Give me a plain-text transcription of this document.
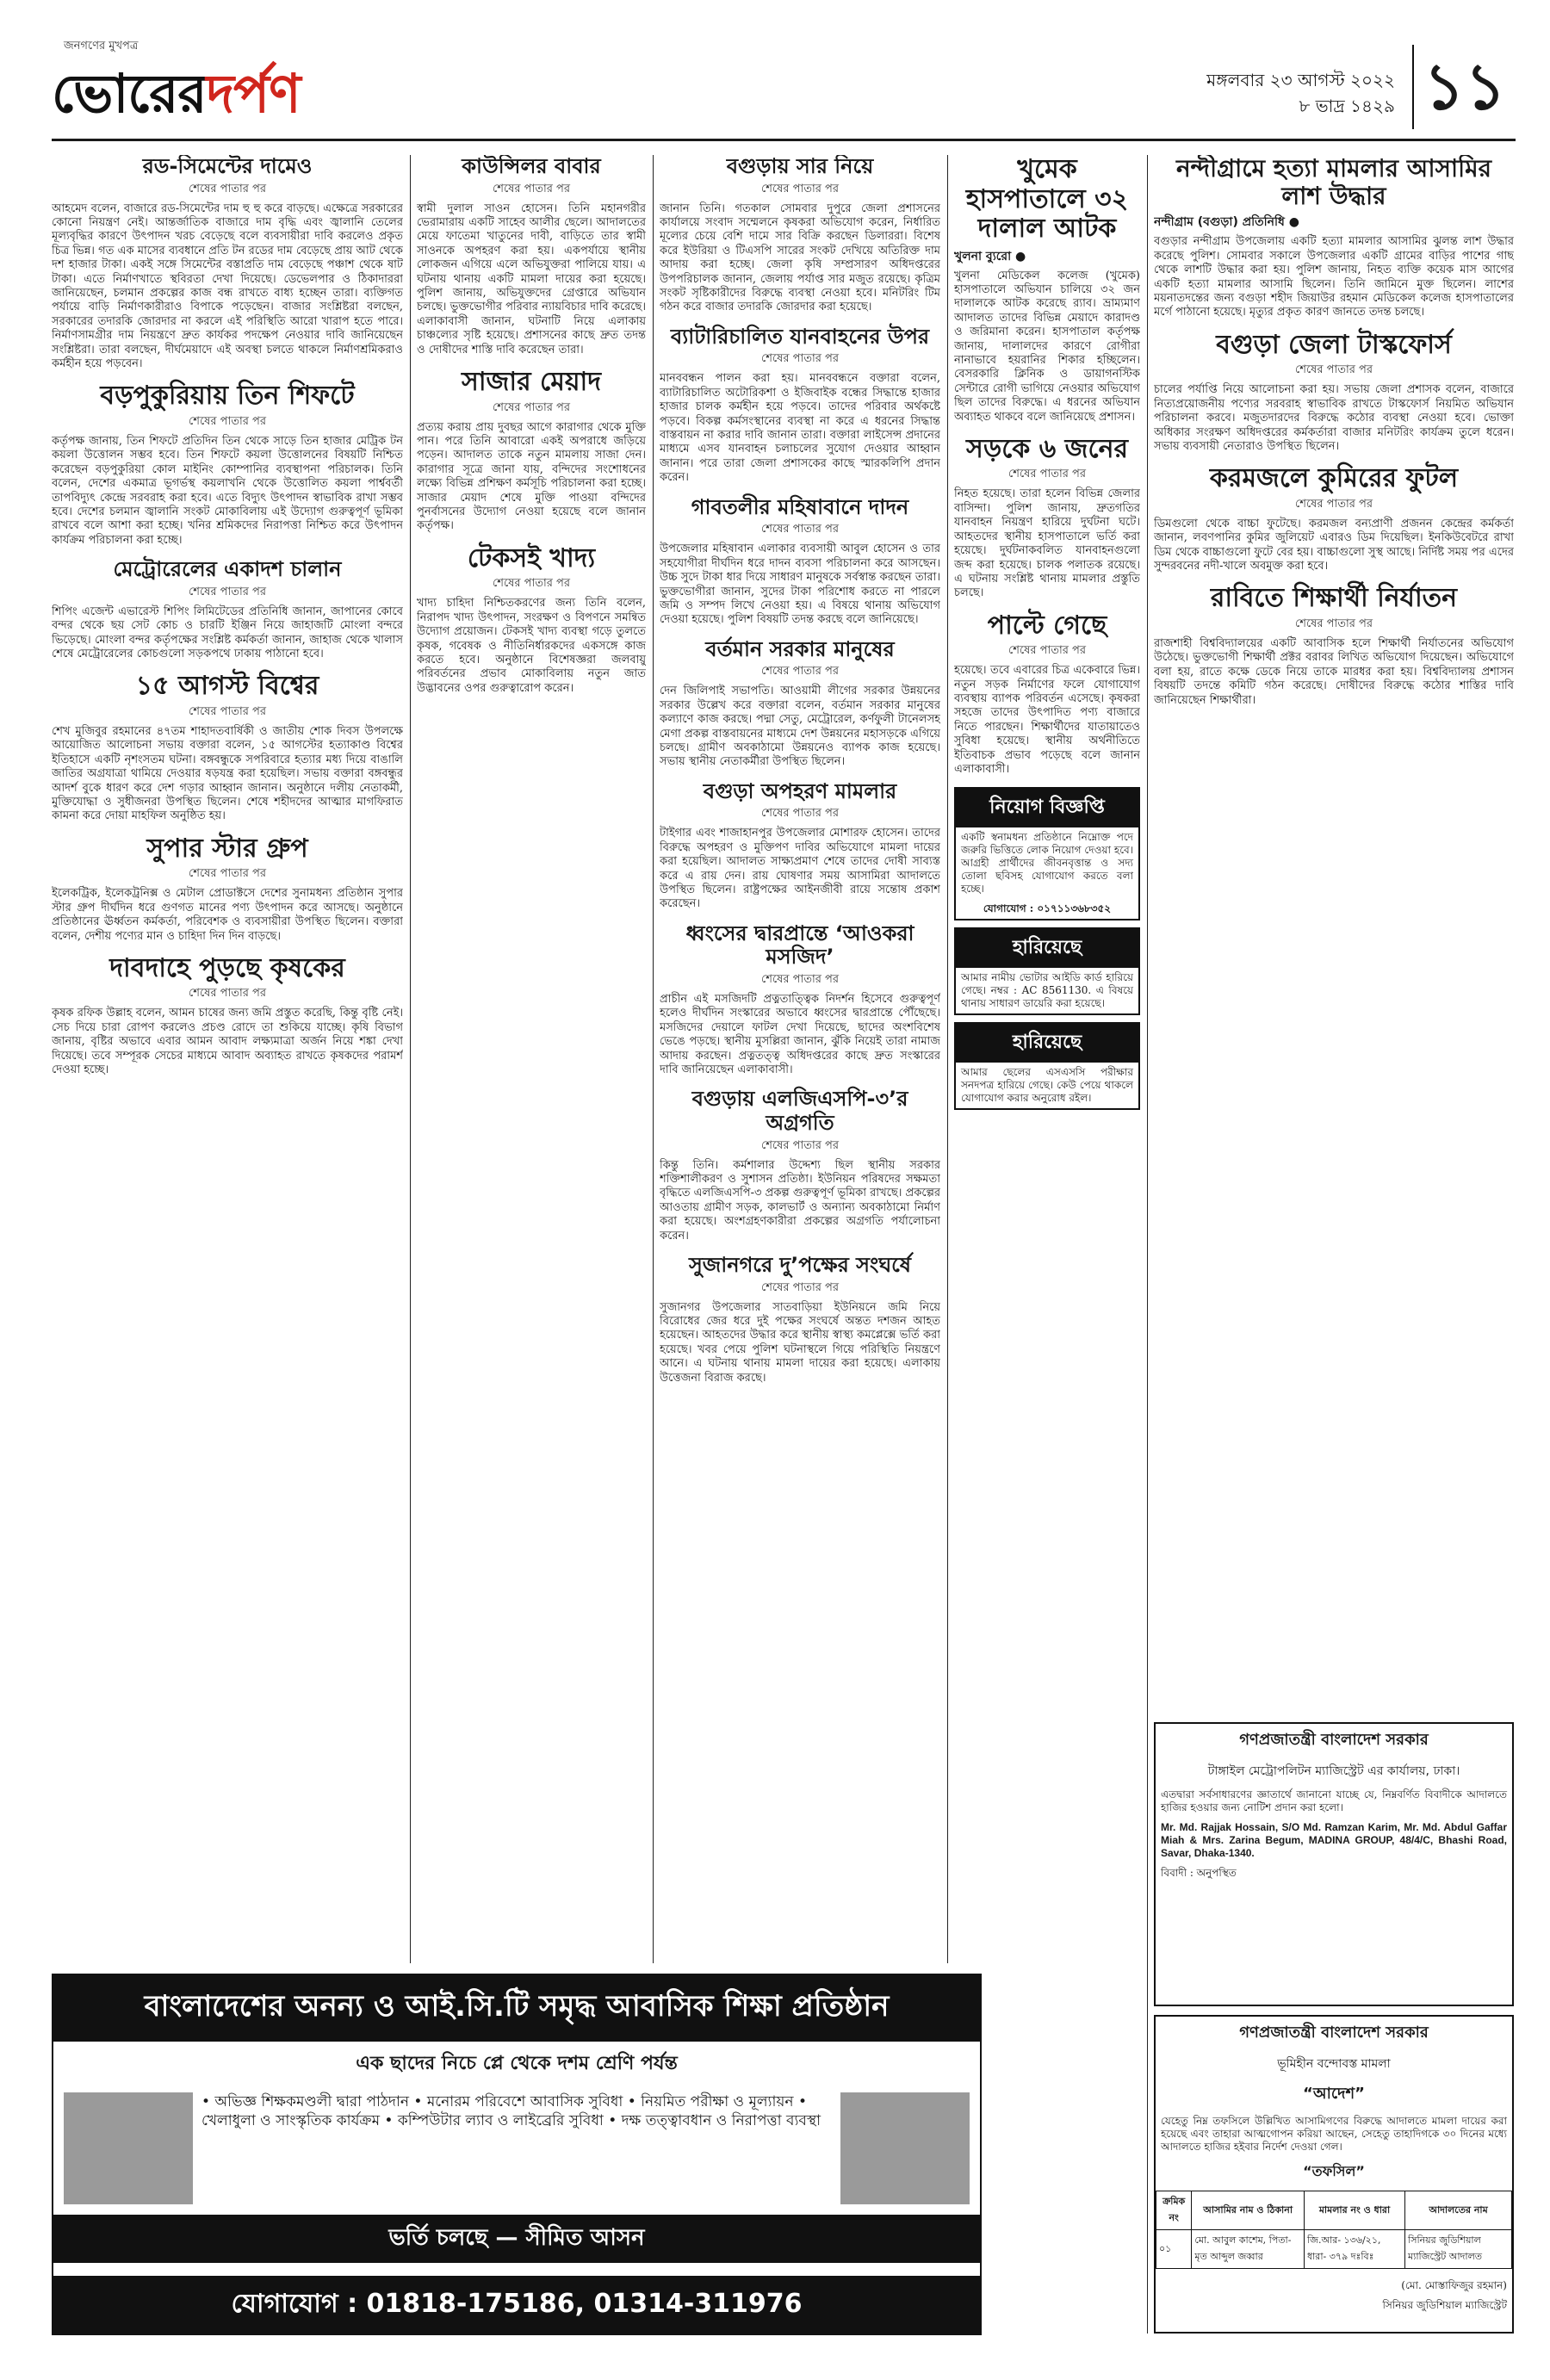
জনগণের মুখপত্র
ভোরেরদর্পণ	মঙ্গলবার ২৩ আগস্ট ২০২২
৮ ভাদ্র ১৪২৯ ১১
রড-সিমেন্টের দামেও
শেষের পাতার পর
আহমেদ বলেন, বাজারে রড-সিমেন্টের দাম হু হু করে বাড়ছে। এক্ষেত্রে সরকারের কোনো নিয়ন্ত্রণ নেই। আন্তর্জাতিক বাজারে দাম বৃদ্ধি এবং জ্বালানি তেলের মূল্যবৃদ্ধির কারণে উৎপাদন খরচ বেড়েছে বলে ব্যবসায়ীরা দাবি করলেও প্রকৃত চিত্র ভিন্ন। গত এক মাসের ব্যবধানে প্রতি টন রডের দাম বেড়েছে প্রায় আট থেকে দশ হাজার টাকা। একই সঙ্গে সিমেন্টের বস্তাপ্রতি দাম বেড়েছে পঞ্চাশ থেকে ষাট টাকা। এতে নির্মাণখাতে স্থবিরতা দেখা দিয়েছে। ডেভেলপার ও ঠিকাদাররা জানিয়েছেন, চলমান প্রকল্পের কাজ বন্ধ রাখতে বাধ্য হচ্ছেন তারা। ব্যক্তিগত পর্যায়ে বাড়ি নির্মাণকারীরাও বিপাকে পড়েছেন। বাজার সংশ্লিষ্টরা বলছেন, সরকারের তদারকি জোরদার না করলে এই পরিস্থিতি আরো খারাপ হতে পারে। নির্মাণসামগ্রীর দাম নিয়ন্ত্রণে দ্রুত কার্যকর পদক্ষেপ নেওয়ার দাবি জানিয়েছেন সংশ্লিষ্টরা। তারা বলছেন, দীর্ঘমেয়াদে এই অবস্থা চলতে থাকলে নির্মাণশ্রমিকরাও কর্মহীন হয়ে পড়বেন।
বড়পুকুরিয়ায় তিন শিফটে
শেষের পাতার পর
কর্তৃপক্ষ জানায়, তিন শিফটে প্রতিদিন তিন থেকে সাড়ে তিন হাজার মেট্রিক টন কয়লা উত্তোলন সম্ভব হবে। তিন শিফটে কয়লা উত্তোলনের বিষয়টি নিশ্চিত করেছেন বড়পুকুরিয়া কোল মাইনিং কোম্পানির ব্যবস্থাপনা পরিচালক। তিনি বলেন, দেশের একমাত্র ভূগর্ভস্থ কয়লাখনি থেকে উত্তোলিত কয়লা পার্শ্ববর্তী তাপবিদ্যুৎ কেন্দ্রে সরবরাহ করা হবে। এতে বিদ্যুৎ উৎপাদন স্বাভাবিক রাখা সম্ভব হবে। দেশের চলমান জ্বালানি সংকট মোকাবিলায় এই উদ্যোগ গুরুত্বপূর্ণ ভূমিকা রাখবে বলে আশা করা হচ্ছে। খনির শ্রমিকদের নিরাপত্তা নিশ্চিত করে উৎপাদন কার্যক্রম পরিচালনা করা হচ্ছে।
মেট্রোরেলের একাদশ চালান
শেষের পাতার পর
শিপিং এজেন্ট এভারেস্ট শিপিং লিমিটেডের প্রতিনিধি জানান, জাপানের কোবে বন্দর থেকে ছয় সেট কোচ ও চারটি ইঞ্জিন নিয়ে জাহাজটি মোংলা বন্দরে ভিড়েছে। মোংলা বন্দর কর্তৃপক্ষের সংশ্লিষ্ট কর্মকর্তা জানান, জাহাজ থেকে খালাস শেষে মেট্রোরেলের কোচগুলো সড়কপথে ঢাকায় পাঠানো হবে।
১৫ আগস্ট বিশ্বের
শেষের পাতার পর
শেখ মুজিবুর রহমানের ৪৭তম শাহাদতবার্ষিকী ও জাতীয় শোক দিবস উপলক্ষে আয়োজিত আলোচনা সভায় বক্তারা বলেন, ১৫ আগস্টের হত্যাকাণ্ড বিশ্বের ইতিহাসে একটি নৃশংসতম ঘটনা। বঙ্গবন্ধুকে সপরিবারে হত্যার মধ্য দিয়ে বাঙালি জাতির অগ্রযাত্রা থামিয়ে দেওয়ার ষড়যন্ত্র করা হয়েছিল। সভায় বক্তারা বঙ্গবন্ধুর আদর্শ বুকে ধারণ করে দেশ গড়ার আহ্বান জানান। অনুষ্ঠানে দলীয় নেতাকর্মী, মুক্তিযোদ্ধা ও সুধীজনরা উপস্থিত ছিলেন। শেষে শহীদদের আত্মার মাগফিরাত কামনা করে দোয়া মাহফিল অনুষ্ঠিত হয়।
সুপার স্টার গ্রুপ
শেষের পাতার পর
ইলেকট্রিক, ইলেকট্রনিক্স ও মেটাল প্রোডাক্টসে দেশের সুনামধন্য প্রতিষ্ঠান সুপার স্টার গ্রুপ দীর্ঘদিন ধরে গুণগত মানের পণ্য উৎপাদন করে আসছে। অনুষ্ঠানে প্রতিষ্ঠানের ঊর্ধ্বতন কর্মকর্তা, পরিবেশক ও ব্যবসায়ীরা উপস্থিত ছিলেন। বক্তারা বলেন, দেশীয় পণ্যের মান ও চাহিদা দিন দিন বাড়ছে।
দাবদাহে পুড়ছে কৃষকের
শেষের পাতার পর
কৃষক রফিক উল্লাহ বলেন, আমন চাষের জন্য জমি প্রস্তুত করেছি, কিন্তু বৃষ্টি নেই। সেচ দিয়ে চারা রোপণ করলেও প্রচণ্ড রোদে তা শুকিয়ে যাচ্ছে। কৃষি বিভাগ জানায়, বৃষ্টির অভাবে এবার আমন আবাদ লক্ষ্যমাত্রা অর্জন নিয়ে শঙ্কা দেখা দিয়েছে। তবে সম্পূরক সেচের মাধ্যমে আবাদ অব্যাহত রাখতে কৃষকদের পরামর্শ দেওয়া হচ্ছে।
কাউন্সিলর বাবার
শেষের পাতার পর
স্বামী দুলাল সাওন হোসেন। তিনি মহানগরীর ভেরামারায় একটি সাহেব আলীর ছেলে। আদালতের মেয়ে ফাতেমা খাতুনের দাবী, বাড়িতে তার স্বামী সাওনকে অপহরণ করা হয়। একপর্যায়ে স্থানীয় লোকজন এগিয়ে এলে অভিযুক্তরা পালিয়ে যায়। এ ঘটনায় থানায় একটি মামলা দায়ের করা হয়েছে। পুলিশ জানায়, অভিযুক্তদের গ্রেপ্তারে অভিযান চলছে। ভুক্তভোগীর পরিবার ন্যায়বিচার দাবি করেছে। এলাকাবাসী জানান, ঘটনাটি নিয়ে এলাকায় চাঞ্চল্যের সৃষ্টি হয়েছে। প্রশাসনের কাছে দ্রুত তদন্ত ও দোষীদের শাস্তি দাবি করেছেন তারা।
সাজার মেয়াদ
শেষের পাতার পর
প্রত্যয় করায় প্রায় দুবছর আগে কারাগার থেকে মুক্তি পান। পরে তিনি আবারো একই অপরাধে জড়িয়ে পড়েন। আদালত তাকে নতুন মামলায় সাজা দেন। কারাগার সূত্রে জানা যায়, বন্দিদের সংশোধনের লক্ষ্যে বিভিন্ন প্রশিক্ষণ কর্মসূচি পরিচালনা করা হচ্ছে। সাজার মেয়াদ শেষে মুক্তি পাওয়া বন্দিদের পুনর্বাসনের উদ্যোগ নেওয়া হয়েছে বলে জানান কর্তৃপক্ষ।
টেকসই খাদ্য
শেষের পাতার পর
খাদ্য চাহিদা নিশ্চিতকরণের জন্য তিনি বলেন, নিরাপদ খাদ্য উৎপাদন, সংরক্ষণ ও বিপণনে সমন্বিত উদ্যোগ প্রয়োজন। টেকসই খাদ্য ব্যবস্থা গড়ে তুলতে কৃষক, গবেষক ও নীতিনির্ধারকদের একসঙ্গে কাজ করতে হবে। অনুষ্ঠানে বিশেষজ্ঞরা জলবায়ু পরিবর্তনের প্রভাব মোকাবিলায় নতুন জাত উদ্ভাবনের ওপর গুরুত্বারোপ করেন।
বগুড়ায় সার নিয়ে
শেষের পাতার পর
জানান তিনি। গতকাল সোমবার দুপুরে জেলা প্রশাসনের কার্যালয়ে সংবাদ সম্মেলনে কৃষকরা অভিযোগ করেন, নির্ধারিত মূল্যের চেয়ে বেশি দামে সার বিক্রি করছেন ডিলাররা। বিশেষ করে ইউরিয়া ও টিএসপি সারের সংকট দেখিয়ে অতিরিক্ত দাম আদায় করা হচ্ছে। জেলা কৃষি সম্প্রসারণ অধিদপ্তরের উপপরিচালক জানান, জেলায় পর্যাপ্ত সার মজুত রয়েছে। কৃত্রিম সংকট সৃষ্টিকারীদের বিরুদ্ধে ব্যবস্থা নেওয়া হবে। মনিটরিং টিম গঠন করে বাজার তদারকি জোরদার করা হয়েছে।
ব্যাটারিচালিত যানবাহনের উপর
শেষের পাতার পর
মানববন্ধন পালন করা হয়। মানববন্ধনে বক্তারা বলেন, ব্যাটারিচালিত অটোরিকশা ও ইজিবাইক বন্ধের সিদ্ধান্তে হাজার হাজার চালক কর্মহীন হয়ে পড়বে। তাদের পরিবার অর্থকষ্টে পড়বে। বিকল্প কর্মসংস্থানের ব্যবস্থা না করে এ ধরনের সিদ্ধান্ত বাস্তবায়ন না করার দাবি জানান তারা। বক্তারা লাইসেন্স প্রদানের মাধ্যমে এসব যানবাহন চলাচলের সুযোগ দেওয়ার আহ্বান জানান। পরে তারা জেলা প্রশাসকের কাছে স্মারকলিপি প্রদান করেন।
গাবতলীর মহিষাবানে দাদন
শেষের পাতার পর
উপজেলার মহিষাবান এলাকার ব্যবসায়ী আবুল হোসেন ও তার সহযোগীরা দীর্ঘদিন ধরে দাদন ব্যবসা পরিচালনা করে আসছেন। উচ্চ সুদে টাকা ধার দিয়ে সাধারণ মানুষকে সর্বস্বান্ত করছেন তারা। ভুক্তভোগীরা জানান, সুদের টাকা পরিশোধ করতে না পারলে জমি ও সম্পদ লিখে নেওয়া হয়। এ বিষয়ে থানায় অভিযোগ দেওয়া হয়েছে। পুলিশ বিষয়টি তদন্ত করছে বলে জানিয়েছে।
বর্তমান সরকার মানুষের
শেষের পাতার পর
দেন জিলিপাই সভাপতি। আওয়ামী লীগের সরকার উন্নয়নের সরকার উল্লেখ করে বক্তারা বলেন, বর্তমান সরকার মানুষের কল্যাণে কাজ করছে। পদ্মা সেতু, মেট্রোরেল, কর্ণফুলী টানেলসহ মেগা প্রকল্প বাস্তবায়নের মাধ্যমে দেশ উন্নয়নের মহাসড়কে এগিয়ে চলছে। গ্রামীণ অবকাঠামো উন্নয়নেও ব্যাপক কাজ হয়েছে। সভায় স্থানীয় নেতাকর্মীরা উপস্থিত ছিলেন।
বগুড়া অপহরণ মামলার
শেষের পাতার পর
টাইগার এবং শাজাহানপুর উপজেলার মোশারফ হোসেন। তাদের বিরুদ্ধে অপহরণ ও মুক্তিপণ দাবির অভিযোগে মামলা দায়ের করা হয়েছিল। আদালত সাক্ষ্যপ্রমাণ শেষে তাদের দোষী সাব্যস্ত করে এ রায় দেন। রায় ঘোষণার সময় আসামিরা আদালতে উপস্থিত ছিলেন। রাষ্ট্রপক্ষের আইনজীবী রায়ে সন্তোষ প্রকাশ করেছেন।
ধ্বংসের দ্বারপ্রান্তে ‘আওকরা মসজিদ’
শেষের পাতার পর
প্রাচীন এই মসজিদটি প্রত্নতাত্ত্বিক নিদর্শন হিসেবে গুরুত্বপূর্ণ হলেও দীর্ঘদিন সংস্কারের অভাবে ধ্বংসের দ্বারপ্রান্তে পৌঁছেছে। মসজিদের দেয়ালে ফাটল দেখা দিয়েছে, ছাদের অংশবিশেষ ভেঙে পড়ছে। স্থানীয় মুসল্লিরা জানান, ঝুঁকি নিয়েই তারা নামাজ আদায় করছেন। প্রত্নতত্ত্ব অধিদপ্তরের কাছে দ্রুত সংস্কারের দাবি জানিয়েছেন এলাকাবাসী।
বগুড়ায় এলজিএসপি-৩’র অগ্রগতি
শেষের পাতার পর
কিন্তু তিনি। কর্মশালার উদ্দেশ্য ছিল স্থানীয় সরকার শক্তিশালীকরণ ও সুশাসন প্রতিষ্ঠা। ইউনিয়ন পরিষদের সক্ষমতা বৃদ্ধিতে এলজিএসপি-৩ প্রকল্প গুরুত্বপূর্ণ ভূমিকা রাখছে। প্রকল্পের আওতায় গ্রামীণ সড়ক, কালভার্ট ও অন্যান্য অবকাঠামো নির্মাণ করা হয়েছে। অংশগ্রহণকারীরা প্রকল্পের অগ্রগতি পর্যালোচনা করেন।
সুজানগরে দু’পক্ষের সংঘর্ষে
শেষের পাতার পর
সুজানগর উপজেলার সাতবাড়িয়া ইউনিয়নে জমি নিয়ে বিরোধের জের ধরে দুই পক্ষের সংঘর্ষে অন্তত দশজন আহত হয়েছেন। আহতদের উদ্ধার করে স্থানীয় স্বাস্থ্য কমপ্লেক্সে ভর্তি করা হয়েছে। খবর পেয়ে পুলিশ ঘটনাস্থলে গিয়ে পরিস্থিতি নিয়ন্ত্রণে আনে। এ ঘটনায় থানায় মামলা দায়ের করা হয়েছে। এলাকায় উত্তেজনা বিরাজ করছে।
খুমেক হাসপাতালে ৩২ দালাল আটক
খুলনা ব্যুরো ●
খুলনা মেডিকেল কলেজ (খুমেক) হাসপাতালে অভিযান চালিয়ে ৩২ জন দালালকে আটক করেছে র‍্যাব। ভ্রাম্যমাণ আদালত তাদের বিভিন্ন মেয়াদে কারাদণ্ড ও জরিমানা করেন। হাসপাতাল কর্তৃপক্ষ জানায়, দালালদের কারণে রোগীরা নানাভাবে হয়রানির শিকার হচ্ছিলেন। বেসরকারি ক্লিনিক ও ডায়াগনস্টিক সেন্টারে রোগী ভাগিয়ে নেওয়ার অভিযোগ ছিল তাদের বিরুদ্ধে। এ ধরনের অভিযান অব্যাহত থাকবে বলে জানিয়েছে প্রশাসন।
সড়কে ৬ জনের
শেষের পাতার পর
নিহত হয়েছে। তারা হলেন বিভিন্ন জেলার বাসিন্দা। পুলিশ জানায়, দ্রুতগতির যানবাহন নিয়ন্ত্রণ হারিয়ে দুর্ঘটনা ঘটে। আহতদের স্থানীয় হাসপাতালে ভর্তি করা হয়েছে। দুর্ঘটনাকবলিত যানবাহনগুলো জব্দ করা হয়েছে। চালক পলাতক রয়েছে। এ ঘটনায় সংশ্লিষ্ট থানায় মামলার প্রস্তুতি চলছে।
পাল্টে গেছে
শেষের পাতার পর
হয়েছে। তবে এবারের চিত্র একেবারে ভিন্ন। নতুন সড়ক নির্মাণের ফলে যোগাযোগ ব্যবস্থায় ব্যাপক পরিবর্তন এসেছে। কৃষকরা সহজে তাদের উৎপাদিত পণ্য বাজারে নিতে পারছেন। শিক্ষার্থীদের যাতায়াতেও সুবিধা হয়েছে। স্থানীয় অর্থনীতিতে ইতিবাচক প্রভাব পড়েছে বলে জানান এলাকাবাসী।
নিয়োগ বিজ্ঞপ্তি
একটি স্বনামধন্য প্রতিষ্ঠানে নিম্নোক্ত পদে জরুরি ভিত্তিতে লোক নিয়োগ দেওয়া হবে। আগ্রহী প্রার্থীদের জীবনবৃত্তান্ত ও সদ্য তোলা ছবিসহ যোগাযোগ করতে বলা হচ্ছে।
যোগাযোগ : ০১৭১১৩৬৮৩৫২
হারিয়েছে
আমার নামীয় ভোটার আইডি কার্ড হারিয়ে গেছে। নম্বর : AC 8561130. এ বিষয়ে থানায় সাধারণ ডায়েরি করা হয়েছে।
হারিয়েছে
আমার ছেলের এসএসসি পরীক্ষার সনদপত্র হারিয়ে গেছে। কেউ পেয়ে থাকলে যোগাযোগ করার অনুরোধ রইল।
নন্দীগ্রামে হত্যা মামলার আসামির লাশ উদ্ধার
নন্দীগ্রাম (বগুড়া) প্রতিনিধি ●
বগুড়ার নন্দীগ্রাম উপজেলায় একটি হত্যা মামলার আসামির ঝুলন্ত লাশ উদ্ধার করেছে পুলিশ। সোমবার সকালে উপজেলার একটি গ্রামের বাড়ির পাশের গাছ থেকে লাশটি উদ্ধার করা হয়। পুলিশ জানায়, নিহত ব্যক্তি কয়েক মাস আগের একটি হত্যা মামলার আসামি ছিলেন। তিনি জামিনে মুক্ত ছিলেন। লাশের ময়নাতদন্তের জন্য বগুড়া শহীদ জিয়াউর রহমান মেডিকেল কলেজ হাসপাতালের মর্গে পাঠানো হয়েছে। মৃত্যুর প্রকৃত কারণ জানতে তদন্ত চলছে।
বগুড়া জেলা টাস্কফোর্স
শেষের পাতার পর
চালের পর্যাপ্তি নিয়ে আলোচনা করা হয়। সভায় জেলা প্রশাসক বলেন, বাজারে নিত্যপ্রয়োজনীয় পণ্যের সরবরাহ স্বাভাবিক রাখতে টাস্কফোর্স নিয়মিত অভিযান পরিচালনা করবে। মজুতদারদের বিরুদ্ধে কঠোর ব্যবস্থা নেওয়া হবে। ভোক্তা অধিকার সংরক্ষণ অধিদপ্তরের কর্মকর্তারা বাজার মনিটরিং কার্যক্রম তুলে ধরেন। সভায় ব্যবসায়ী নেতারাও উপস্থিত ছিলেন।
করমজলে কুমিরের ফুটল
শেষের পাতার পর
ডিমগুলো থেকে বাচ্চা ফুটেছে। করমজল বন্যপ্রাণী প্রজনন কেন্দ্রের কর্মকর্তা জানান, লবণপানির কুমির জুলিয়েট এবারও ডিম দিয়েছিল। ইনকিউবেটরে রাখা ডিম থেকে বাচ্চাগুলো ফুটে বের হয়। বাচ্চাগুলো সুস্থ আছে। নির্দিষ্ট সময় পর এদের সুন্দরবনের নদী-খালে অবমুক্ত করা হবে।
রাবিতে শিক্ষার্থী নির্যাতন
শেষের পাতার পর
রাজশাহী বিশ্ববিদ্যালয়ের একটি আবাসিক হলে শিক্ষার্থী নির্যাতনের অভিযোগ উঠেছে। ভুক্তভোগী শিক্ষার্থী প্রক্টর বরাবর লিখিত অভিযোগ দিয়েছেন। অভিযোগে বলা হয়, রাতে কক্ষে ডেকে নিয়ে তাকে মারধর করা হয়। বিশ্ববিদ্যালয় প্রশাসন বিষয়টি তদন্তে কমিটি গঠন করেছে। দোষীদের বিরুদ্ধে কঠোর শাস্তির দাবি জানিয়েছেন শিক্ষার্থীরা।
গণপ্রজাতন্ত্রী বাংলাদেশ সরকার
টাঙ্গাইল মেট্রোপলিটন ম্যাজিস্ট্রেট এর কার্যালয়, ঢাকা।
এতদ্বারা সর্বসাধারণের জ্ঞাতার্থে জানানো যাচ্ছে যে, নিম্নবর্ণিত বিবাদীকে আদালতে হাজির হওয়ার জন্য নোটিশ প্রদান করা হলো।
Mr. Md. Rajjak Hossain, S/O Md. Ramzan Karim, Mr. Md. Abdul Gaffar Miah & Mrs. Zarina Begum, MADINA GROUP, 48/4/C, Bhashi Road, Savar, Dhaka-1340.
বিবাদী : অনুপস্থিত
গণপ্রজাতন্ত্রী বাংলাদেশ সরকার
ভূমিহীন বন্দোবস্ত মামলা
“আদেশ”
যেহেতু নিম্ন তফসিলে উল্লিখিত আসামিগণের বিরুদ্ধে আদালতে মামলা দায়ের করা হয়েছে এবং তাহারা আত্মগোপন করিয়া আছেন, সেহেতু তাহাদিগকে ৩০ দিনের মধ্যে আদালতে হাজির হইবার নির্দেশ দেওয়া গেল।
“তফসিল”
ক্রমিক নং	আসামির নাম ও ঠিকানা	মামলার নং ও ধারা	আদালতের নাম
০১	মো. আবুল কাশেম, পিতা- মৃত আব্দুল জব্বার	জি.আর- ১৩৬/২১, ধারা- ৩৭৯ দঃবিঃ	সিনিয়র জুডিশিয়াল ম্যাজিস্ট্রেট আদালত
(মো. মোস্তাফিজুর রহমান)
সিনিয়র জুডিশিয়াল ম্যাজিস্ট্রেট
বাংলাদেশের অনন্য ও আই.সি.টি সমৃদ্ধ আবাসিক শিক্ষা প্রতিষ্ঠান
এক ছাদের নিচে প্লে থেকে দশম শ্রেণি পর্যন্ত
• অভিজ্ঞ শিক্ষকমণ্ডলী দ্বারা পাঠদান • মনোরম পরিবেশে আবাসিক সুবিধা • নিয়মিত পরীক্ষা ও মূল্যায়ন • খেলাধুলা ও সাংস্কৃতিক কার্যক্রম • কম্পিউটার ল্যাব ও লাইব্রেরি সুবিধা • দক্ষ তত্ত্বাবধান ও নিরাপত্তা ব্যবস্থা
ভর্তি চলছে — সীমিত আসন
যোগাযোগ : 01818-175186, 01314-311976
